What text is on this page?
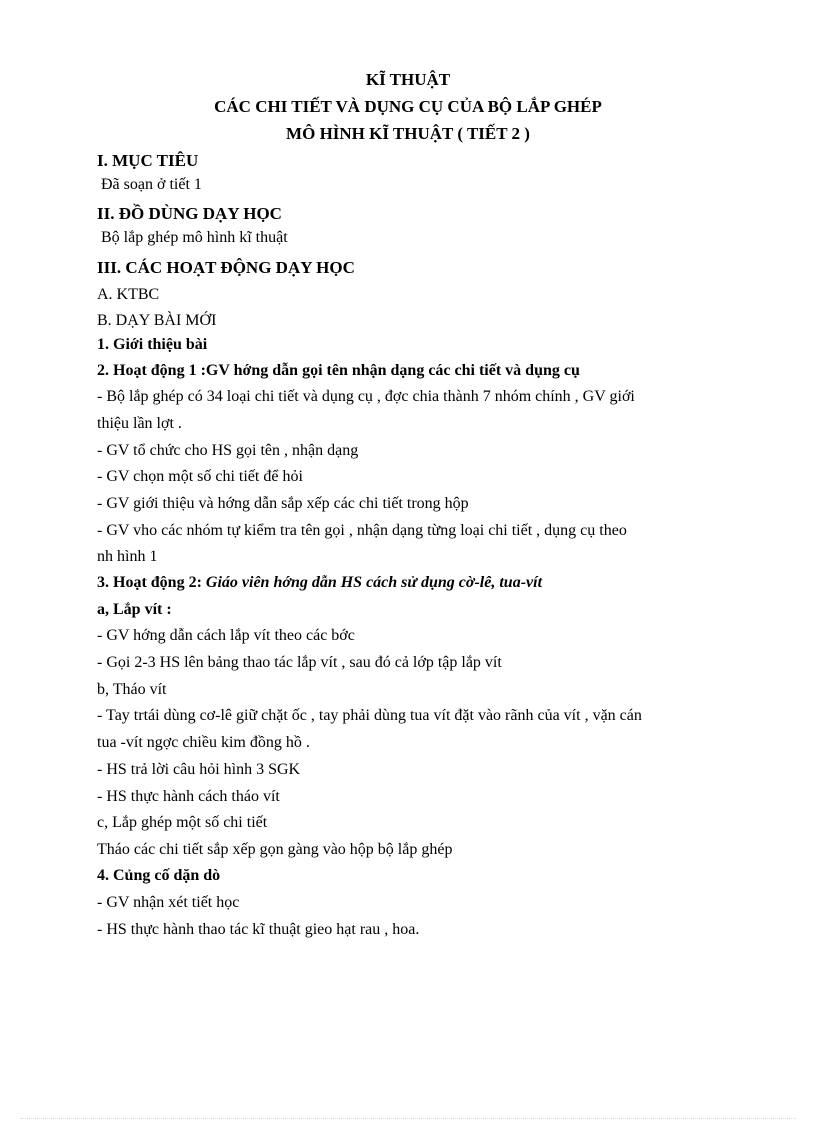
KĨ THUẬT
CÁC CHI TIẾT VÀ DỤNG CỤ CỦA BỘ LẮP GHÉP
MÔ HÌNH KĨ THUẬT ( TIẾT 2 )
I. MỤC TIÊU
Đã soạn ở tiết 1
II. ĐỒ DÙNG DẠY HỌC
Bộ lắp ghép mô hình kĩ thuật
III. CÁC HOẠT ĐỘNG DẠY HỌC
A. KTBC
B. DẠY BÀI MỚI
1. Giới thiệu bài
2. Hoạt động 1 :GV hớng dẫn gọi tên nhận dạng các chi tiết và dụng cụ
- Bộ lắp ghép có 34 loại chi tiết và dụng cụ , đợc chia thành 7 nhóm chính , GV giới
thiệu lần lợt .
- GV tổ chức cho HS gọi tên , nhận dạng
- GV chọn một số chi tiết để hỏi
- GV giới thiệu và hớng dẫn sắp xếp các chi tiết trong hộp
- GV vho các nhóm tự kiểm tra tên gọi , nhận dạng từng loại chi tiết , dụng cụ theo
nh hình 1
3. Hoạt động 2: Giáo viên hớng dẫn HS cách sử dụng cờ-lê, tua-vít
a, Lắp vít :
- GV hớng dẫn cách lắp vít theo các bớc
- Gọi 2-3 HS lên bảng thao tác lắp vít , sau đó cả lớp tập lắp vít
b, Tháo vít
- Tay trtái dùng cơ-lê giữ chặt ốc , tay phải dùng tua vít đặt vào rãnh của vít , vặn cán
tua -vít ngợc chiều kim đồng hồ .
- HS trả lời câu hỏi hình 3 SGK
- HS thực hành cách tháo vít
c, Lắp ghép một số chi tiết
Tháo các chi tiết sắp xếp gọn gàng vào hộp bộ lắp ghép
4. Củng cố dặn dò
- GV nhận xét tiết học
- HS thực hành thao tác kĩ thuật gieo hạt rau , hoa.
